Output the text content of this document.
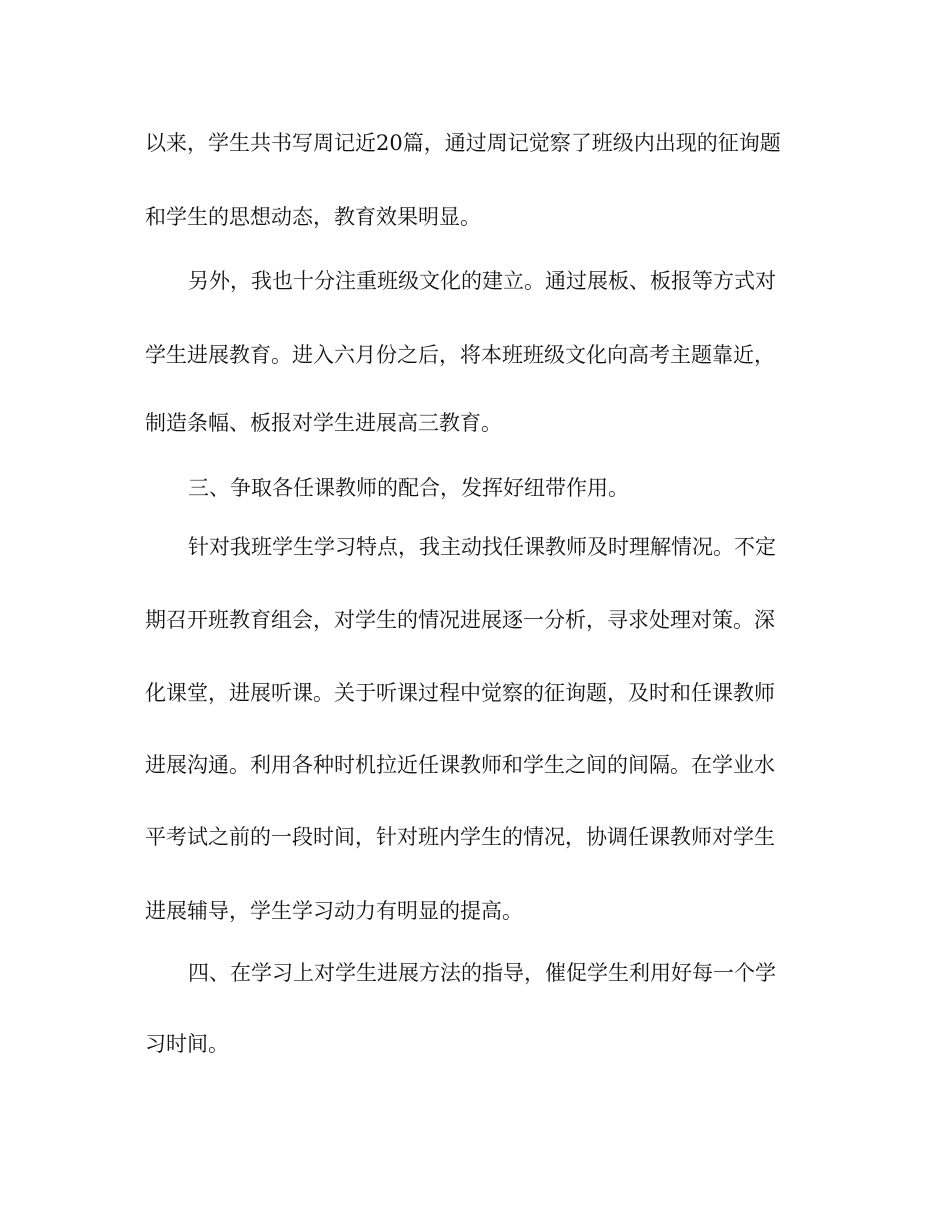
以来，学生共书写周记近20篇，通过周记觉察了班级内出现的征询题

和学生的思想动态，教育效果明显。

另外，我也十分注重班级文化的建立。通过展板、板报等方式对

学生进展教育。进入六月份之后，将本班班级文化向高考主题靠近，

制造条幅、板报对学生进展高三教育。

三、争取各任课教师的配合，发挥好纽带作用。

针对我班学生学习特点，我主动找任课教师及时理解情况。不定

期召开班教育组会，对学生的情况进展逐一分析，寻求处理对策。深

化课堂，进展听课。关于听课过程中觉察的征询题，及时和任课教师

进展沟通。利用各种时机拉近任课教师和学生之间的间隔。在学业水

平考试之前的一段时间，针对班内学生的情况，协调任课教师对学生

进展辅导，学生学习动力有明显的提高。

四、在学习上对学生进展方法的指导，催促学生利用好每一个学

习时间。
